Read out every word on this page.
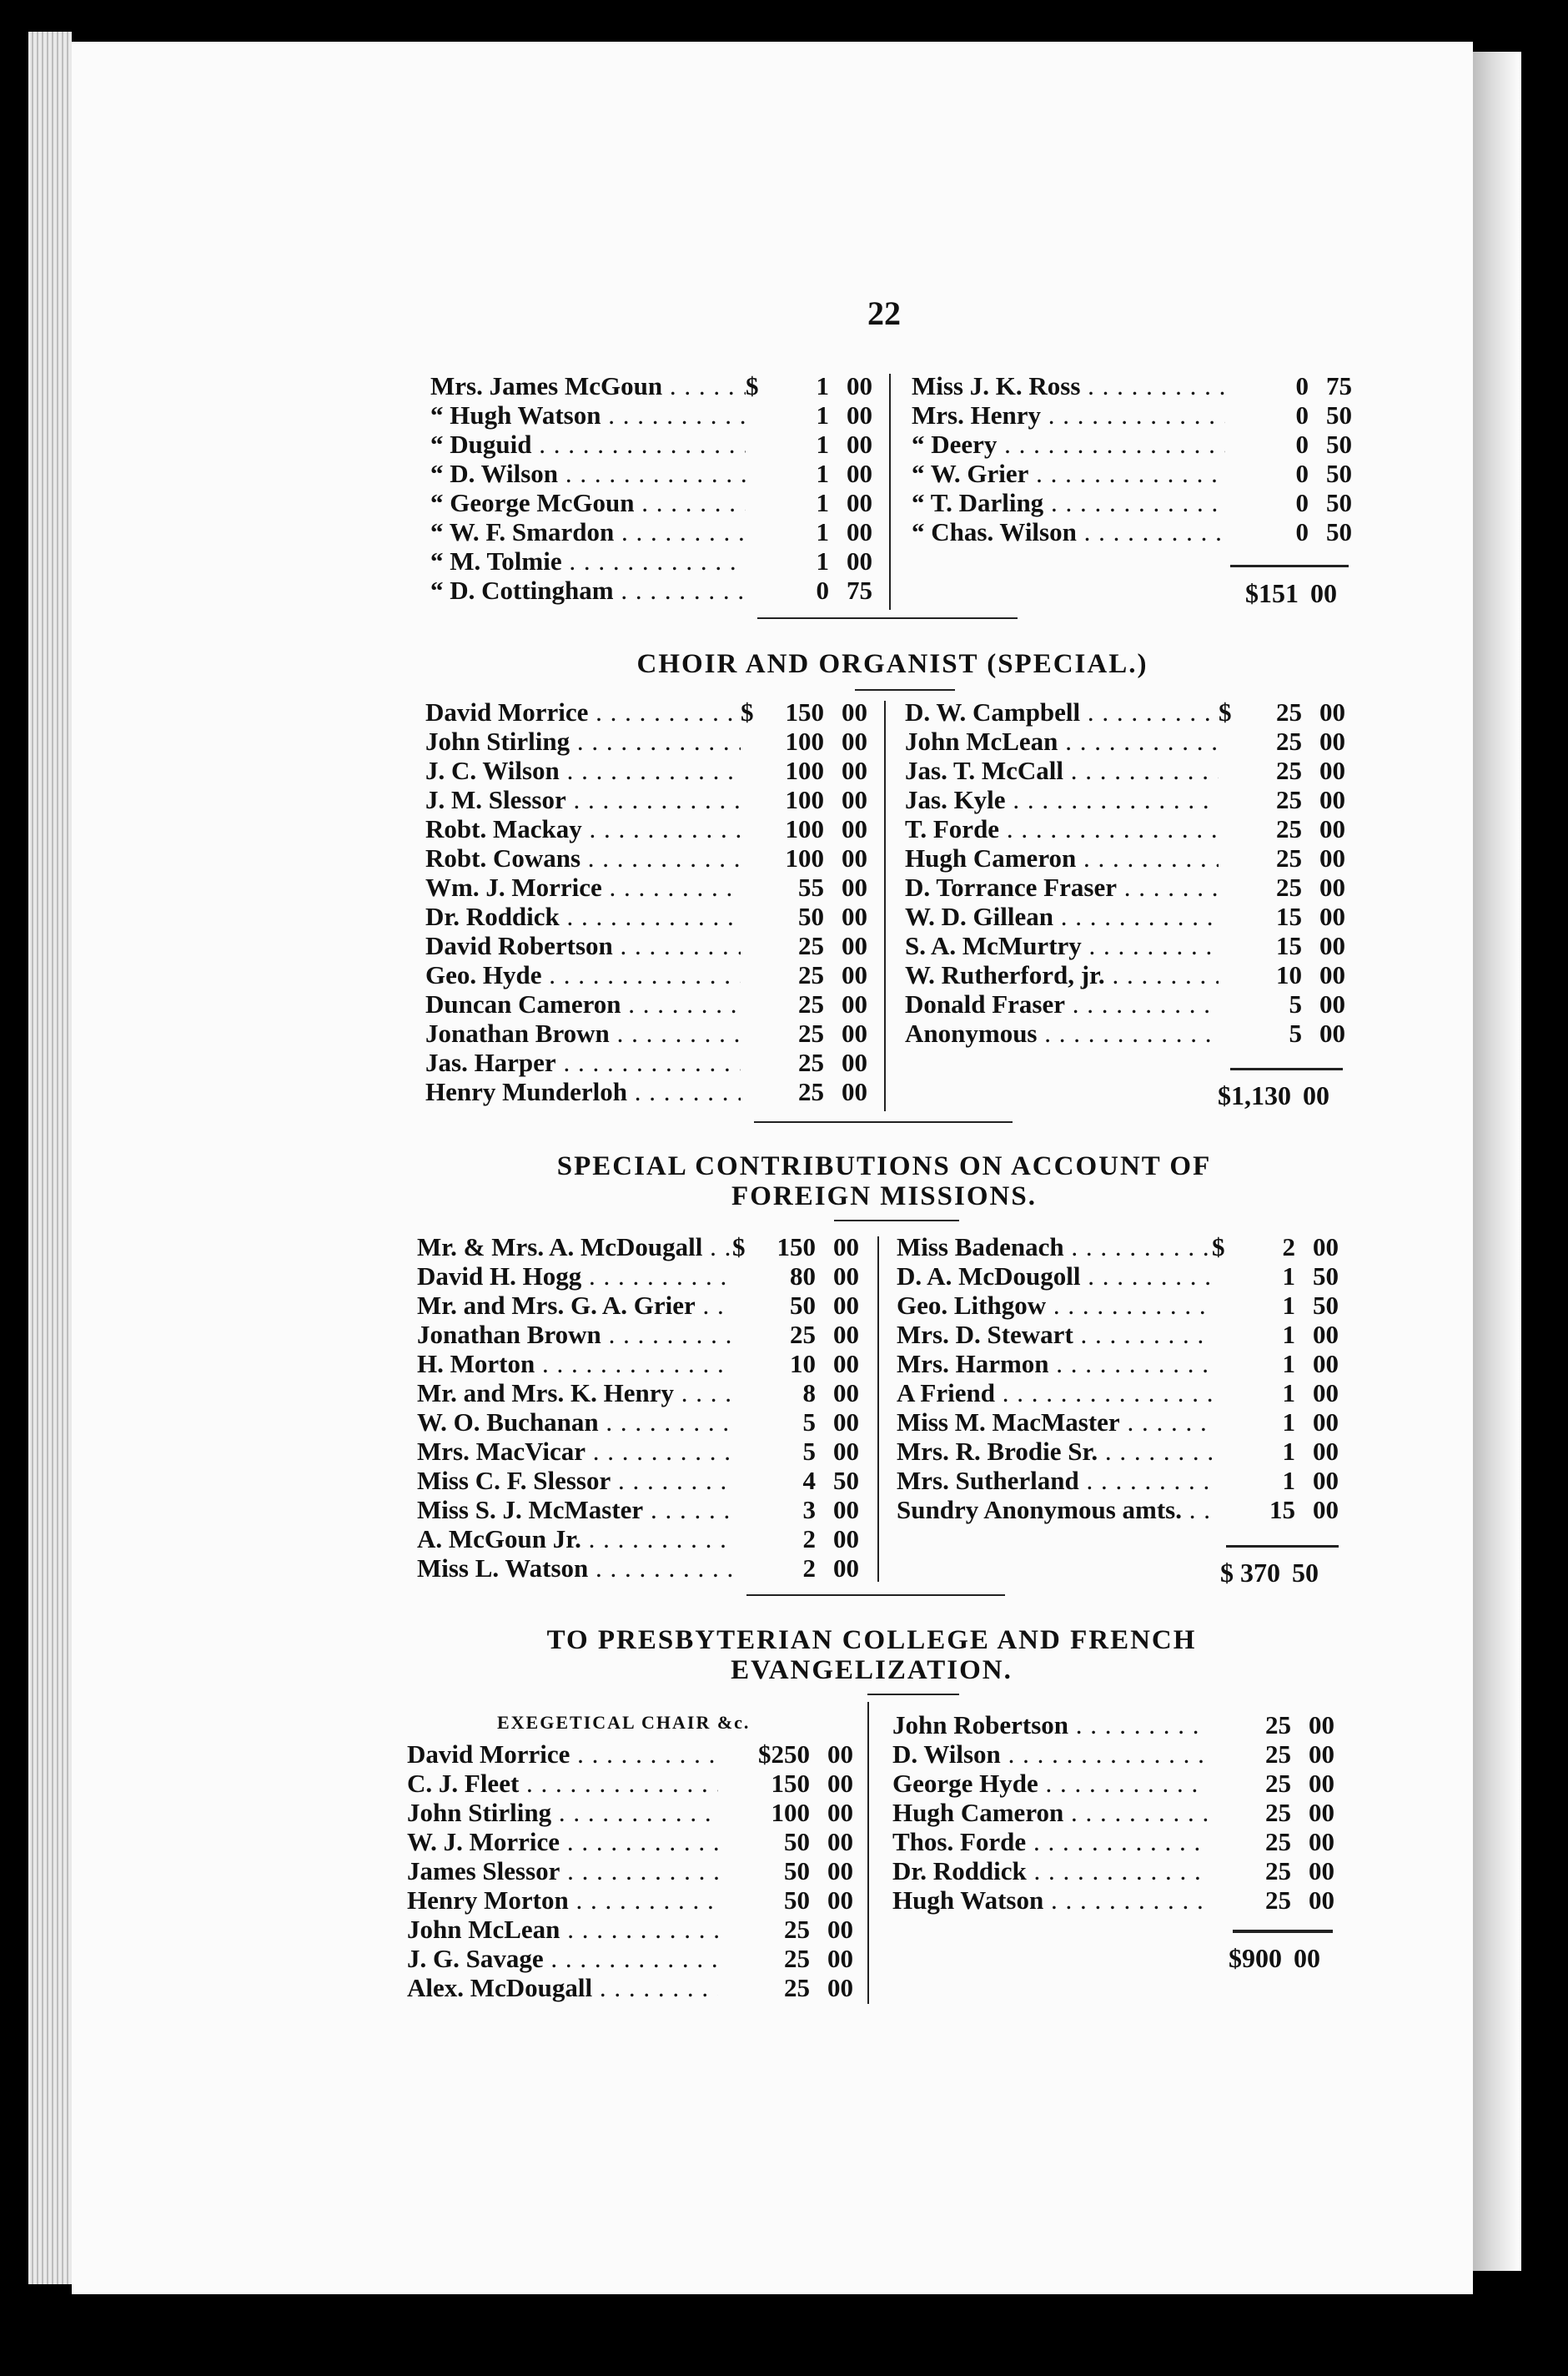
22
Mrs. James McGoun . . .	$	1 00
“ Hugh Watson . . .	1 00
“ Duguid . . .	1 00
“ D. Wilson . . .	1 00
“ George McGoun . . .	1 00
“ W. F. Smardon . . .	1 00
“ M. Tolmie . . .	1 00
“ D. Cottingham . . .	0 75
Miss J. K. Ross . . .	0 75
Mrs. Henry . . .	0 50
“ Deery . . .	0 50
“ W. Grier . . .	0 50
“ T. Darling . . .	0 50
“ Chas. Wilson . . .	0 50
$151 00
CHOIR AND ORGANIST (SPECIAL.)
David Morrice . . .	$	150 00
John Stirling . . .	100 00
J. C. Wilson . . .	100 00
J. M. Slessor . . .	100 00
Robt. Mackay . . .	100 00
Robt. Cowans . . .	100 00
Wm. J. Morrice . . .	55 00
Dr. Roddick . . .	50 00
David Robertson . . .	25 00
Geo. Hyde . . .	25 00
Duncan Cameron . . .	25 00
Jonathan Brown . . .	25 00
Jas. Harper . . .	25 00
Henry Munderloh . . .	25 00
D. W. Campbell . . .	$	25 00
John McLean . . .	25 00
Jas. T. McCall . . .	25 00
Jas. Kyle . . .	25 00
T. Forde . . .	25 00
Hugh Cameron . . .	25 00
D. Torrance Fraser . . .	25 00
W. D. Gillean . . .	15 00
S. A. McMurtry . . .	15 00
W. Rutherford, jr. . . .	10 00
Donald Fraser . . .	5 00
Anonymous . . .	5 00
$1,130 00
SPECIAL CONTRIBUTIONS ON ACCOUNT OF
FOREIGN MISSIONS.
Mr. & Mrs. A. McDougall . . .	$	150 00
David H. Hogg . . .	80 00
Mr. and Mrs. G. A. Grier . . .	50 00
Jonathan Brown . . .	25 00
H. Morton . . .	10 00
Mr. and Mrs. K. Henry . . .	8 00
W. O. Buchanan . . .	5 00
Mrs. MacVicar . . .	5 00
Miss C. F. Slessor . . .	4 50
Miss S. J. McMaster . . .	3 00
A. McGoun Jr. . . .	2 00
Miss L. Watson . . .	2 00
Miss Badenach . . .	$	2 00
D. A. McDougoll . . .	1 50
Geo. Lithgow . . .	1 50
Mrs. D. Stewart . . .	1 00
Mrs. Harmon . . .	1 00
A Friend . . .	1 00
Miss M. MacMaster . . .	1 00
Mrs. R. Brodie Sr. . . .	1 00
Mrs. Sutherland . . .	1 00
Sundry Anonymous amts. . . .	15 00
$ 370 50
TO PRESBYTERIAN COLLEGE AND FRENCH
EVANGELIZATION.
EXEGETICAL CHAIR &c.
David Morrice . . .	$250 00
C. J. Fleet . . .	150 00
John Stirling . . .	100 00
W. J. Morrice . . .	50 00
James Slessor . . .	50 00
Henry Morton . . .	50 00
John McLean . . .	25 00
J. G. Savage . . .	25 00
Alex. McDougall . . .	25 00
John Robertson . . .	25 00
D. Wilson . . .	25 00
George Hyde . . .	25 00
Hugh Cameron . . .	25 00
Thos. Forde . . .	25 00
Dr. Roddick . . .	25 00
Hugh Watson . . .	25 00
$900 00
